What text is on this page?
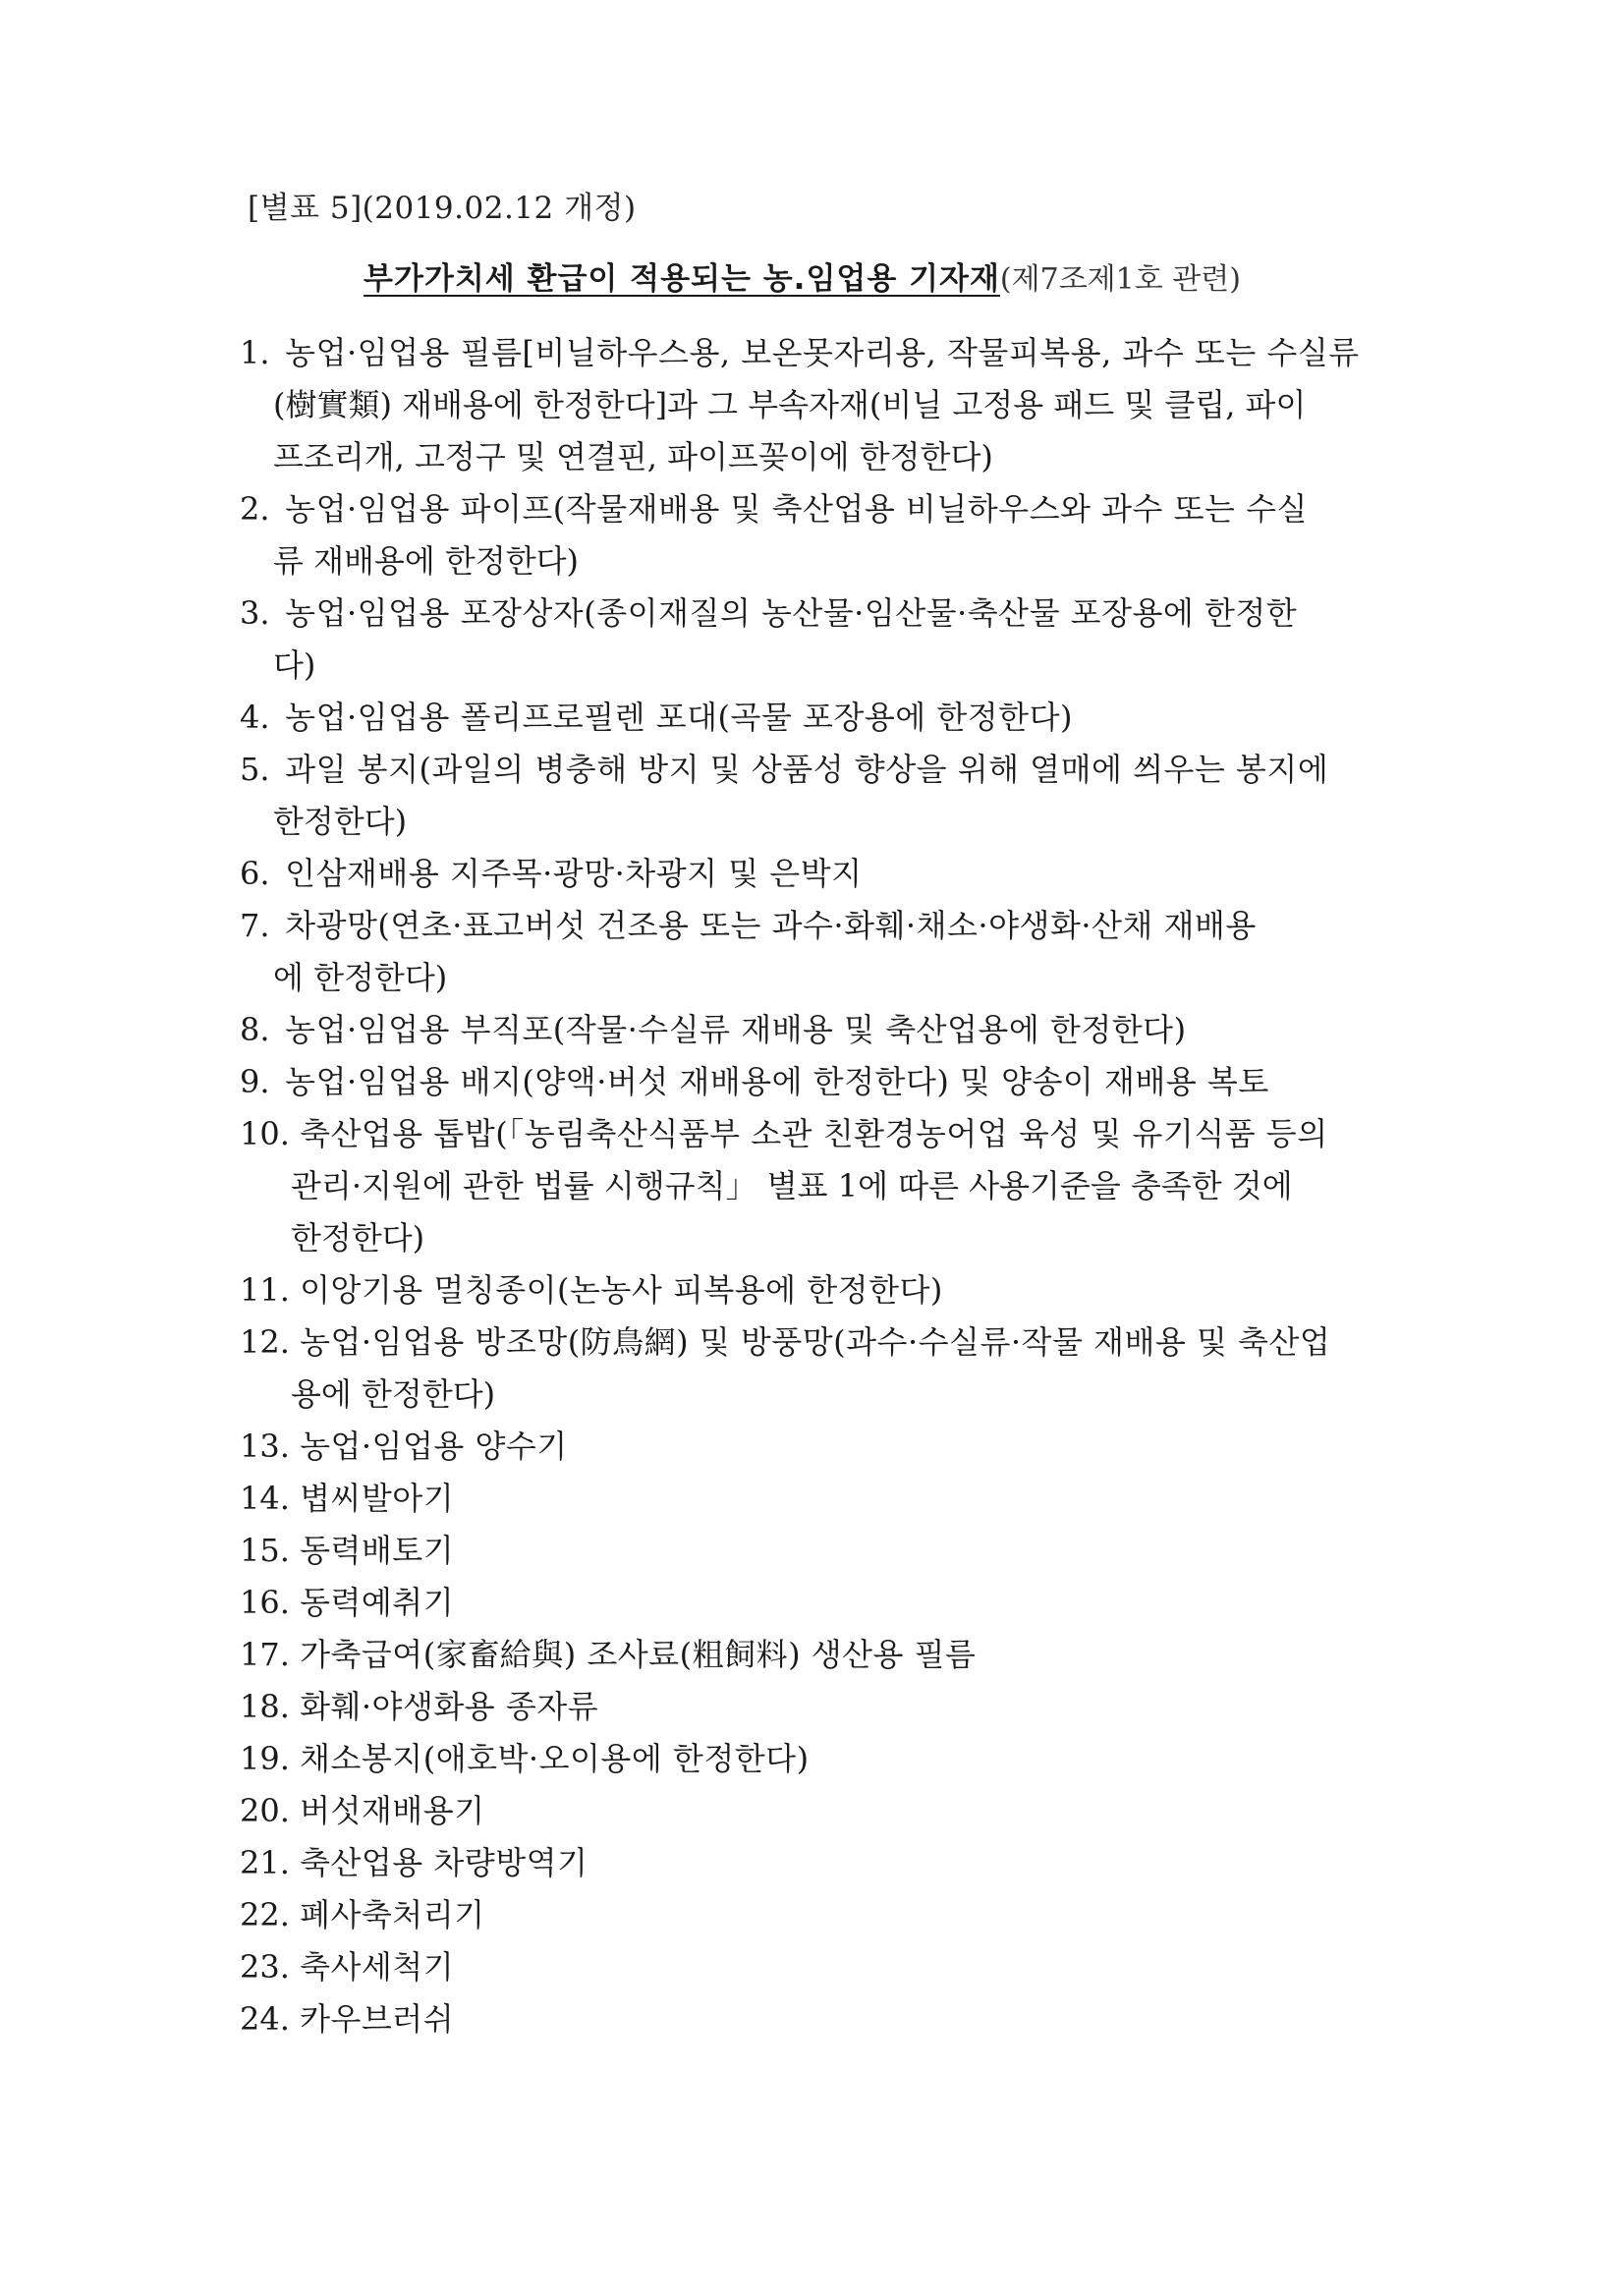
[별표 5](2019.02.12 개정)
부가가치세 환급이 적용되는 농.임업용 기자재(제7조제1호 관련)
1. 농업·임업용 필름[비닐하우스용, 보온못자리용, 작물피복용, 과수 또는 수실류
(樹實類) 재배용에 한정한다]과 그 부속자재(비닐 고정용 패드 및 클립, 파이
프조리개, 고정구 및 연결핀, 파이프꽂이에 한정한다)
2. 농업·임업용 파이프(작물재배용 및 축산업용 비닐하우스와 과수 또는 수실
류 재배용에 한정한다)
3. 농업·임업용 포장상자(종이재질의 농산물·임산물·축산물 포장용에 한정한
다)
4. 농업·임업용 폴리프로필렌 포대(곡물 포장용에 한정한다)
5. 과일 봉지(과일의 병충해 방지 및 상품성 향상을 위해 열매에 씌우는 봉지에
한정한다)
6. 인삼재배용 지주목·광망·차광지 및 은박지
7. 차광망(연초·표고버섯 건조용 또는 과수·화훼·채소·야생화·산채 재배용
에 한정한다)
8. 농업·임업용 부직포(작물·수실류 재배용 및 축산업용에 한정한다)
9. 농업·임업용 배지(양액·버섯 재배용에 한정한다) 및 양송이 재배용 복토
10. 축산업용 톱밥(「농림축산식품부 소관 친환경농어업 육성 및 유기식품 등의
관리·지원에 관한 법률 시행규칙」 별표 1에 따른 사용기준을 충족한 것에
한정한다)
11. 이앙기용 멀칭종이(논농사 피복용에 한정한다)
12. 농업·임업용 방조망(防鳥網) 및 방풍망(과수·수실류·작물 재배용 및 축산업
용에 한정한다)
13. 농업·임업용 양수기
14. 볍씨발아기
15. 동력배토기
16. 동력예취기
17. 가축급여(家畜給與) 조사료(粗飼料) 생산용 필름
18. 화훼·야생화용 종자류
19. 채소봉지(애호박·오이용에 한정한다)
20. 버섯재배용기
21. 축산업용 차량방역기
22. 폐사축처리기
23. 축사세척기
24. 카우브러쉬
